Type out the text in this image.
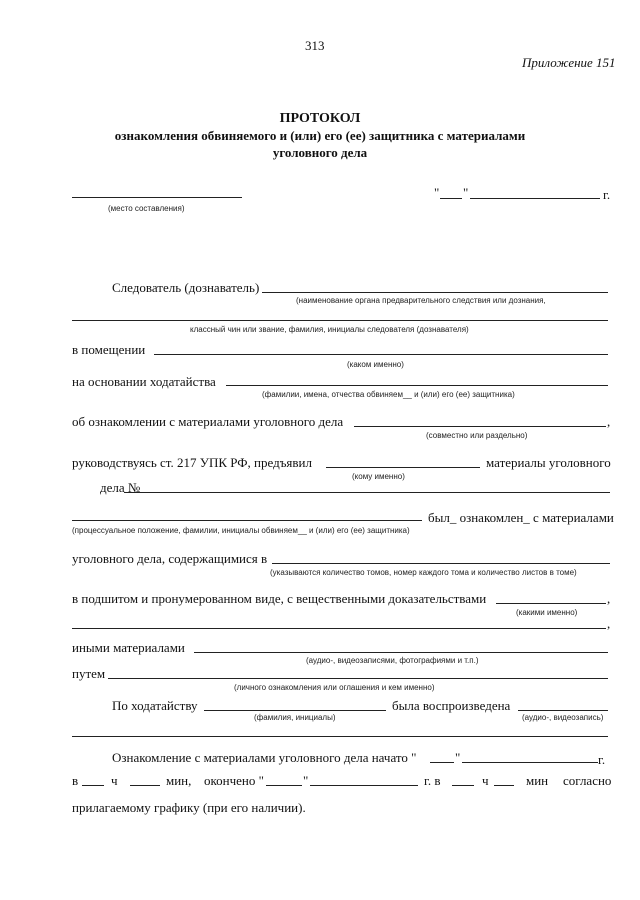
313
Приложение 151
ПРОТОКОЛ
ознакомления обвиняемого и (или) его (ее) защитника с материалами
уголовного дела
(место составления)
" "	г.
Следователь (дознаватель)
(наименование органа предварительного следствия или дознания,
классный чин или звание, фамилия, инициалы следователя (дознавателя)
в помещении
(каком именно)
на основании ходатайства
(фамилии, имена, отчества обвиняем__ и (или) его (ее) защитника)
об ознакомлении с материалами уголовного дела	,
(совместно или раздельно)
руководствуясь ст. 217 УПК РФ, предъявил	материалы уголовного
(кому именно)
дела №
был_ ознакомлен_ с материалами
(процессуальное положение, фамилии, инициалы обвиняем__ и (или) его (ее) защитника)
уголовного дела, содержащимися в
(указываются количество томов, номер каждого тома и количество листов в томе)
в подшитом и пронумерованном виде, с вещественными доказательствами	,
(какими именно)
,
иными материалами
(аудио-, видеозаписями, фотографиями и т.п.)
путем
(личного ознакомления или оглашения и кем именно)
По ходатайству
(фамилия, инициалы)
была воспроизведена
(аудио-, видеозапись)
Ознакомление с материалами уголовного дела начато "	"	г.
в	ч	мин, окончено "	"	г. в	ч	мин согласно
прилагаемому графику (при его наличии).
